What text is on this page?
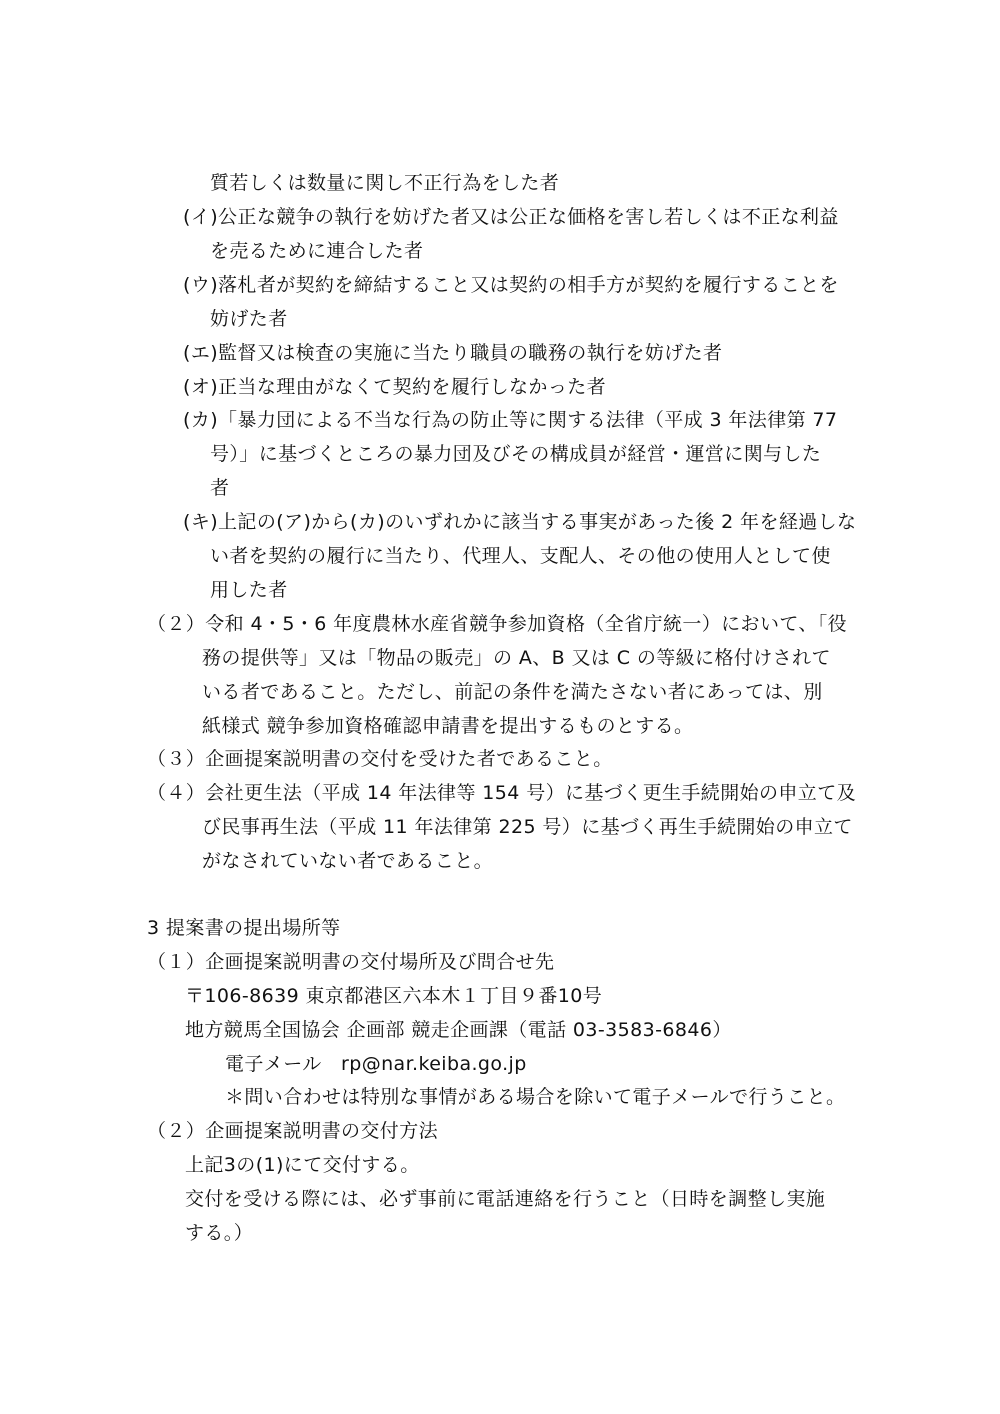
質若しくは数量に関し不正行為をした者
(イ)公正な競争の執行を妨げた者又は公正な価格を害し若しくは不正な利益
を売るために連合した者
(ウ)落札者が契約を締結すること又は契約の相手方が契約を履行することを
妨げた者
(エ)監督又は検査の実施に当たり職員の職務の執行を妨げた者
(オ)正当な理由がなくて契約を履行しなかった者
(カ)「暴力団による不当な行為の防止等に関する法律（平成 3 年法律第 77
号）」に基づくところの暴力団及びその構成員が経営・運営に関与した
者
(キ)上記の(ア)から(カ)のいずれかに該当する事実があった後 2 年を経過しな
い者を契約の履行に当たり、代理人、支配人、その他の使用人として使
用した者
（２）令和 4・5・6 年度農林水産省競争参加資格（全省庁統一）において、「役
務の提供等」又は「物品の販売」の A、B 又は C の等級に格付けされて
いる者であること。ただし、前記の条件を満たさない者にあっては、別
紙様式 競争参加資格確認申請書を提出するものとする。
（３）企画提案説明書の交付を受けた者であること。
（４）会社更生法（平成 14 年法律等 154 号）に基づく更生手続開始の申立て及
び民事再生法（平成 11 年法律第 225 号）に基づく再生手続開始の申立て
がなされていない者であること。
3 提案書の提出場所等
（１）企画提案説明書の交付場所及び問合せ先
〒106-8639 東京都港区六本木１丁目９番10号
地方競馬全国協会 企画部 競走企画課（電話 03-3583-6846）
電子メール　rp@nar.keiba.go.jp
＊問い合わせは特別な事情がある場合を除いて電子メールで行うこと。
（２）企画提案説明書の交付方法
上記3の(1)にて交付する。
交付を受ける際には、必ず事前に電話連絡を行うこと（日時を調整し実施
する。）
